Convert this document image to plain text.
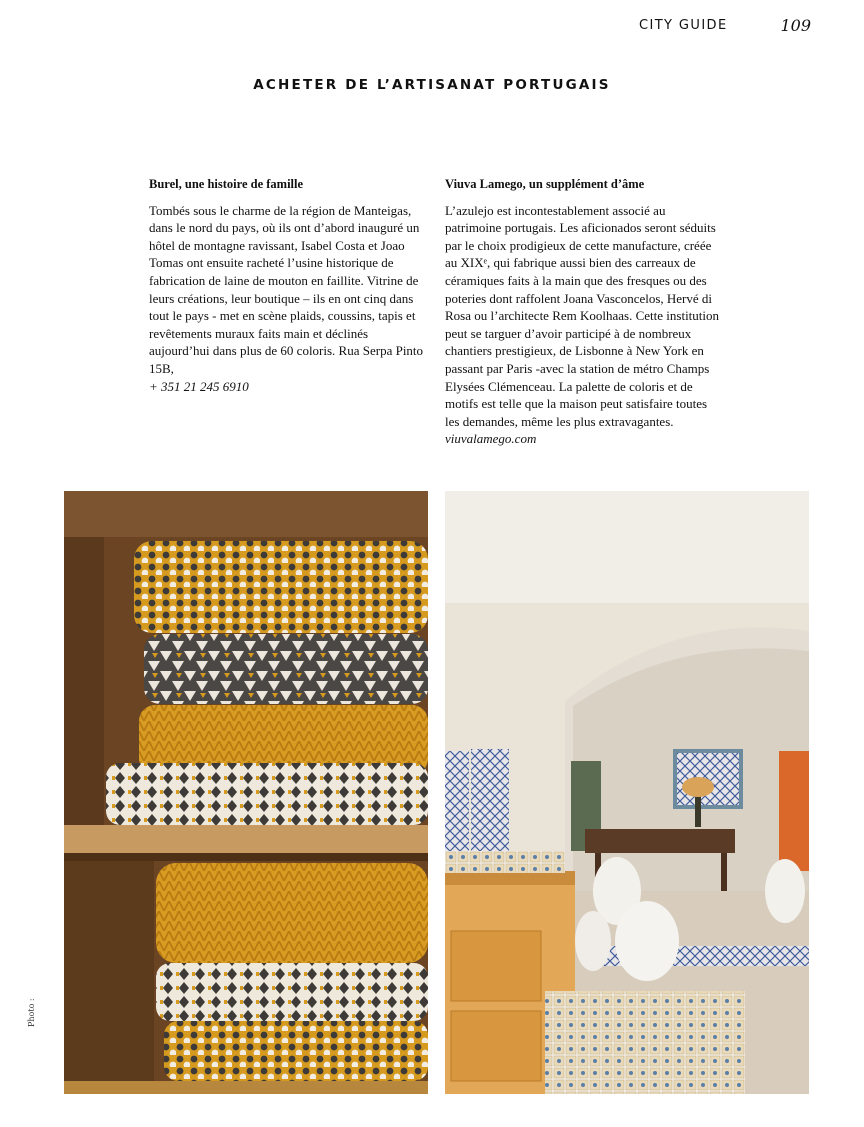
CITY GUIDE	109
ACHETER DE L’ARTISANAT PORTUGAIS
Burel, une histoire de famille

Tombés sous le charme de la région de Manteigas, dans le nord du pays, où ils ont d’abord inauguré un hôtel de montagne ravissant, Isabel Costa et Joao Tomas ont ensuite racheté l’usine historique de fabrication de laine de mouton en faillite. Vitrine de leurs créations, leur boutique – ils en ont cinq dans tout le pays - met en scène plaids, coussins, tapis et revêtements muraux faits main et déclinés aujourd’hui dans plus de 60 coloris. Rua Serpa Pinto 15B,

+ 351 21 245 6910

Viuva Lamego, un supplément d’âme

L’azulejo est incontestablement associé au patrimoine portugais. Les aficionados seront séduits par le choix prodigieux de cette manufacture, créée au XIXᵉ, qui fabrique aussi bien des carreaux de céramiques faits à la main que des fresques ou des poteries dont raffolent Joana Vasconcelos, Hervé di Rosa ou l’architecte Rem Koolhaas. Cette institution peut se targuer d’avoir participé à de nombreux chantiers prestigieux, de Lisbonne à New York en passant par Paris -avec la station de métro Champs Elysées Clémenceau. La palette de coloris et de motifs est telle que la maison peut satisfaire toutes les demandes, même les plus extravagantes.

viuvalamego.com

Photo :
